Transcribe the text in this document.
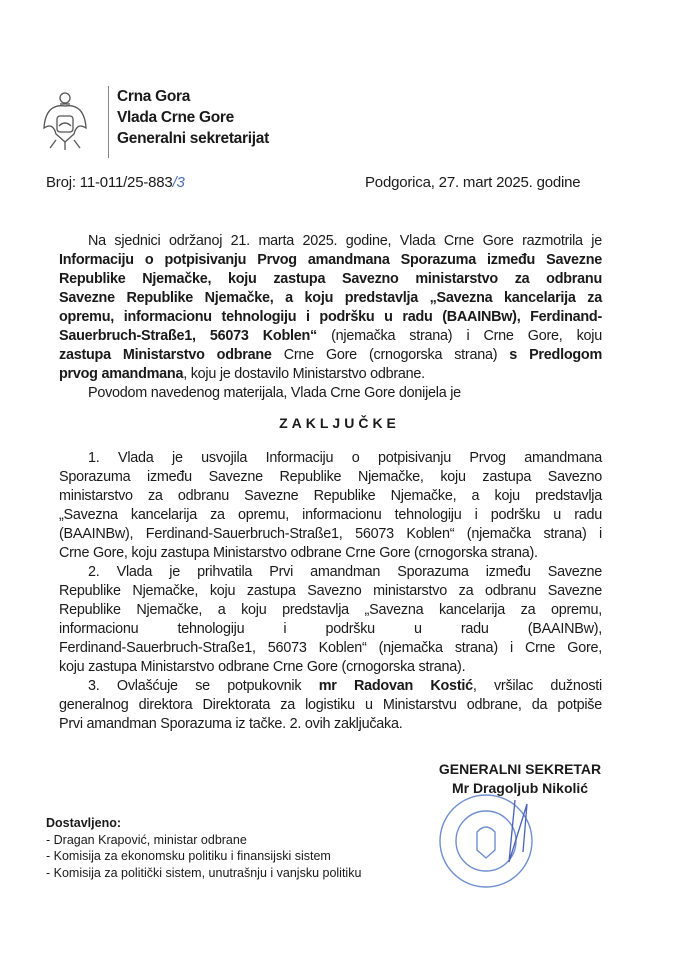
Crna Gora
Vlada Crne Gore
Generalni sekretarijat
Broj: 11-011/25-883/3	Podgorica, 27. mart 2025. godine
Na sjednici održanoj 21. marta 2025. godine, Vlada Crne Gore razmotrila je
Informaciju o potpisivanju Prvog amandmana Sporazuma između Savezne
Republike Njemačke, koju zastupa Savezno ministarstvo za odbranu
Savezne Republike Njemačke, a koju predstavlja „Savezna kancelarija za
opremu, informacionu tehnologiju i podršku u radu (BAAINBw), Ferdinand-
Sauerbruch-Straße1, 56073 Koblen“ (njemačka strana) i Crne Gore, koju
zastupa Ministarstvo odbrane Crne Gore (crnogorska strana) s Predlogom
prvog amandmana, koju je dostavilo Ministarstvo odbrane.
Povodom navedenog materijala, Vlada Crne Gore donijela je
ZAKLJUČKE
1. Vlada je usvojila Informaciju o potpisivanju Prvog amandmana
Sporazuma između Savezne Republike Njemačke, koju zastupa Savezno
ministarstvo za odbranu Savezne Republike Njemačke, a koju predstavlja
„Savezna kancelarija za opremu, informacionu tehnologiju i podršku u radu
(BAAINBw), Ferdinand-Sauerbruch-Straße1, 56073 Koblen“ (njemačka strana) i
Crne Gore, koju zastupa Ministarstvo odbrane Crne Gore (crnogorska strana).
2. Vlada je prihvatila Prvi amandman Sporazuma između Savezne
Republike Njemačke, koju zastupa Savezno ministarstvo za odbranu Savezne
Republike Njemačke, a koju predstavlja „Savezna kancelarija za opremu,
informacionu tehnologiju i podršku u radu (BAAINBw),
Ferdinand-Sauerbruch-Straße1, 56073 Koblen“ (njemačka strana) i Crne Gore,
koju zastupa Ministarstvo odbrane Crne Gore (crnogorska strana).
3. Ovlašćuje se potpukovnik mr Radovan Kostić, vršilac dužnosti
generalnog direktora Direktorata za logistiku u Ministarstvu odbrane, da potpiše
Prvi amandman Sporazuma iz tačke. 2. ovih zaključaka.
GENERALNI SEKRETAR
Mr Dragoljub Nikolić
Dostavljeno:
- Dragan Krapović, ministar odbrane
- Komisija za ekonomsku politiku i finansijski sistem
- Komisija za politički sistem, unutrašnju i vanjsku politiku
